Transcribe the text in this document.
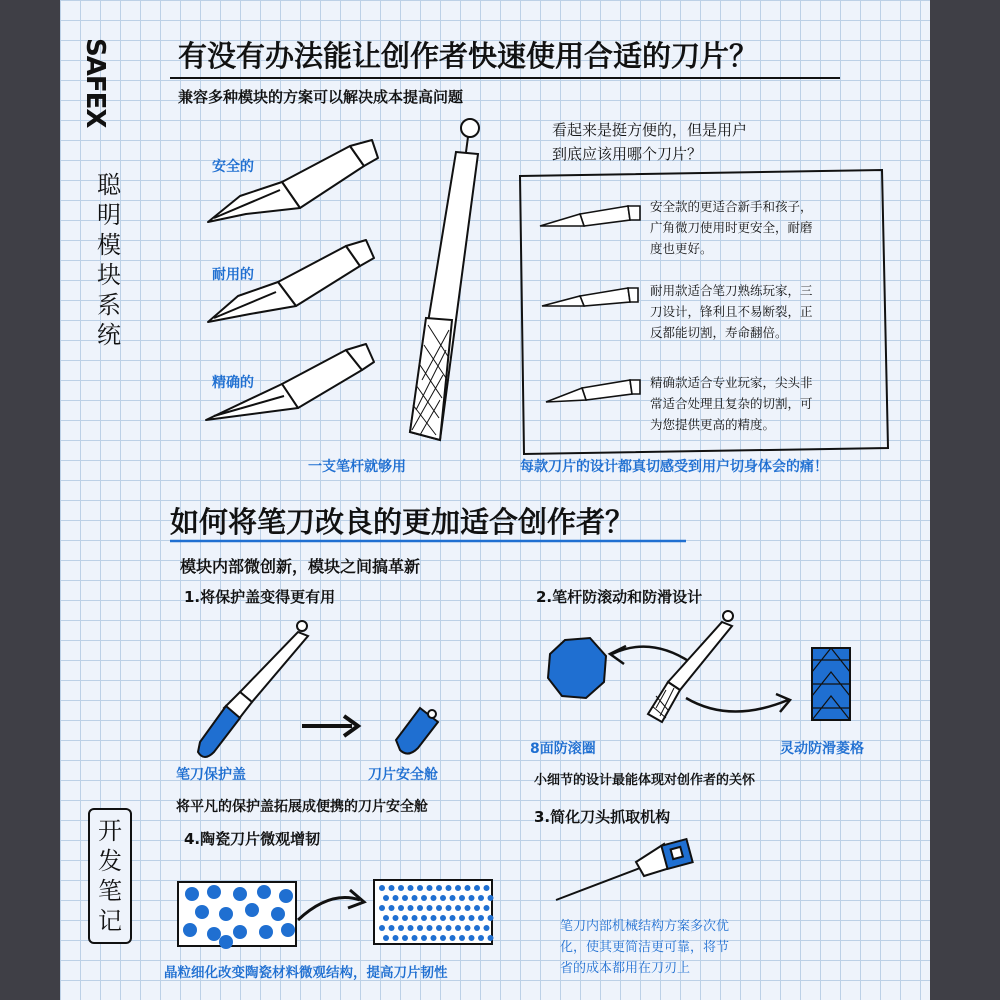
SAFEX
聪
明
模
块
系
统
开
发
笔
记
有没有办法能让创作者快速使用合适的刀片？
兼容多种模块的方案可以解决成本提高问题
看起来是挺方便的，但是用户
到底应该用哪个刀片？
安全的
耐用的
精确的
一支笔杆就够用
安全款的更适合新手和孩子，
广角微刀使用时更安全，耐磨
度也更好。
耐用款适合笔刀熟练玩家，三
刀设计，锋利且不易断裂，正
反都能切割，寿命翻倍。
精确款适合专业玩家，尖头非
常适合处理且复杂的切割，可
为您提供更高的精度。
每款刀片的设计都真切感受到用户切身体会的痛！
如何将笔刀改良的更加适合创作者？
模块内部微创新，模块之间搞革新
1.将保护盖变得更有用
笔刀保护盖	刀片安全舱
将平凡的保护盖拓展成便携的刀片安全舱
2.笔杆防滚动和防滑设计
8面防滚圈	灵动防滑菱格
小细节的设计最能体现对创作者的关怀
3.简化刀头抓取机构
笔刀内部机械结构方案多次优
化，使其更简洁更可靠，将节
省的成本都用在刀刃上
4.陶瓷刀片微观增韧
晶粒细化改变陶瓷材料微观结构，提高刀片韧性
